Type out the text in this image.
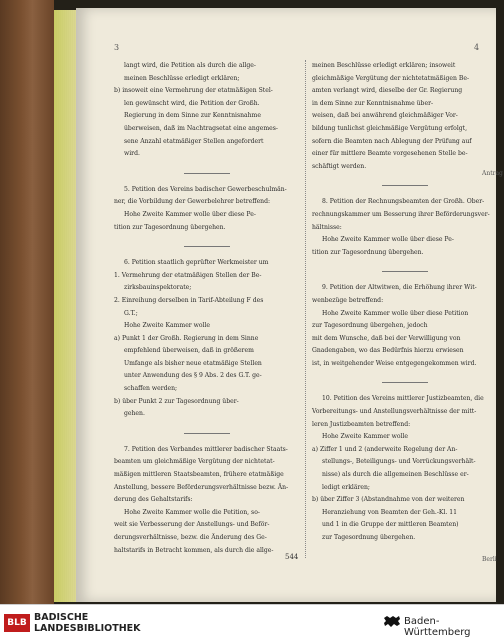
3	4

langt wird, die Petition als durch die allge-

meinen Beschlüsse erledigt erklären;

b) insoweit eine Vermehrung der etatmäßigen Stel-

len gewünscht wird, die Petition der Großh.

Regierung in dem Sinne zur Kenntnisnahme

überweisen, daß im Nachtragsetat eine angemes-

sene Anzahl etatmäßiger Stellen angefordert

wird.

5. Petition des Vereins badischer Gewerbeschulmän-

ner, die Vorbildung der Gewerbelehrer betreffend:

Hohe Zweite Kammer wolle über diese Pe-

tition zur Tagesordnung übergehen.

6. Petition staatlich geprüfter Werkmeister um

1. Vermehrung der etatmäßigen Stellen der Be-

zirksbauinspektorate;

2. Einreihung derselben in Tarif-Abteilung F des

G.T.;

Hohe Zweite Kammer wolle

a) Punkt 1 der Großh. Regierung in dem Sinne

empfehlend überweisen, daß in größerem

Umfange als bisher neue etatmäßige Stellen

unter Anwendung des § 9 Abs. 2 des G.T. ge-

schaffen werden;

b) über Punkt 2 zur Tagesordnung über-

gehen.

7. Petition des Verbandes mittlerer badischer Staats-

beamten um gleichmäßige Vergütung der nichtetat-

mäßigen mittleren Staatsbeamten, frühere etatmäßige

Anstellung, bessere Beförderungsverhältnisse bezw. Än-

derung des Gehaltstarifs:

Hohe Zweite Kammer wolle die Petition, so-

weit sie Verbesserung der Anstellungs- und Beför-

derungsverhältnisse, bezw. die Änderung des Ge-

haltstarifs in Betracht kommen, als durch die allge-

meinen Beschlüsse erledigt erklären; insoweit

gleichmäßige Vergütung der nichtetatmäßigen Be-

amten verlangt wird, dieselbe der Gr. Regierung

in dem Sinne zur Kenntnisnahme über-

weisen, daß bei anwährend gleichmäßiger Vor-

bildung tunlichst gleichmäßige Vergütung erfolgt,

sofern die Beamten nach Ablegung der Prüfung auf

einer für mittlere Beamte vorgesehenen Stelle be-

schäftigt werden.

8. Petition der Rechnungsbeamten der Großh. Ober-

rechnungskammer um Besserung ihrer Beförderungsver-

hältnisse:

Hohe Zweite Kammer wolle über diese Pe-

tition zur Tagesordnung übergehen.

9. Petition der Altwitwen, die Erhöhung ihrer Wit-

wenbezüge betreffend:

Hohe Zweite Kammer wolle über diese Petition

zur Tagesordnung übergehen, jedoch

mit dem Wunsche, daß bei der Verwilligung von

Gnadengaben, wo das Bedürfnis hierzu erwiesen

ist, in weitgehender Weise entgegengekommen wird.

10. Petition des Vereins mittlerer Justizbeamten, die

Vorbereitungs- und Anstellungsverhältnisse der mitt-

leren Justizbeamten betreffend:

Hohe Zweite Kammer wolle

a) Ziffer 1 und 2 (anderweite Regelung der An-

stellungs-, Beteiligungs- und Vorrückungsverhält-

nisse) als durch die allgemeinen Beschlüsse er-

ledigt erklären;

b) über Ziffer 3 (Abstandnahme von der weiteren

Heranziehung von Beamten der Geh.-Kl. 11

und 1 in die Gruppe der mittleren Beamten)

zur Tagesordnung übergehen.

Antrag
Berli
544
BLB BADISCHE
LANDESBIBLIOTHEK
Baden-Württemberg
